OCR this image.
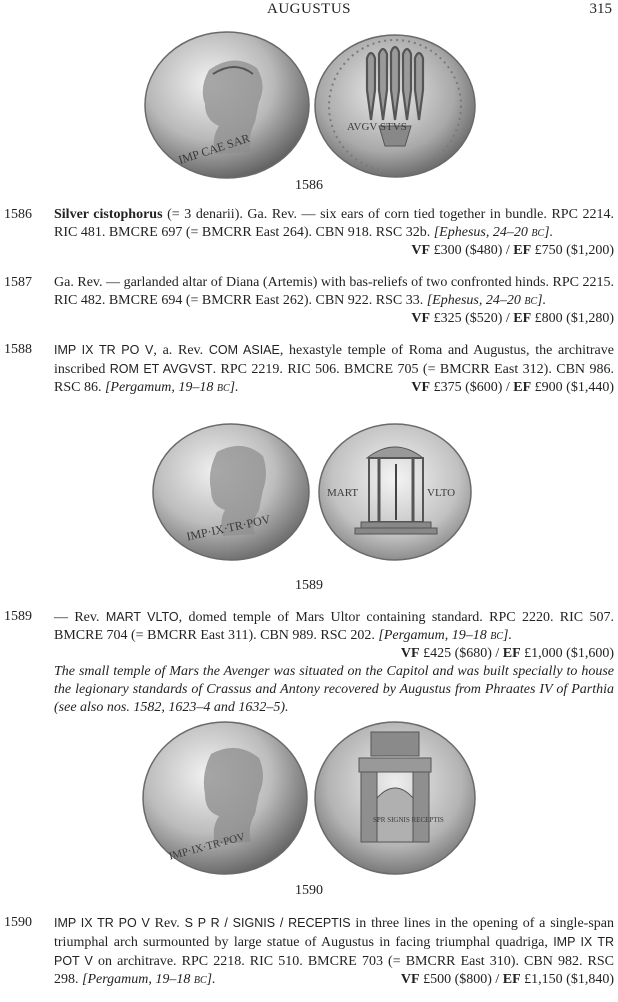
AUGUSTUS	315
IMP CAE SAR
AVGV STVS
1586
1586	Silver cistophorus (= 3 denarii). Ga. Rev. — six ears of corn tied together in bundle. RPC 2214. RIC 481. BMCRE 697 (= BMCRR East 264). CBN 918. RSC 32b. [Ephesus, 24–20 bc].
VF £300 ($480) / EF £750 ($1,200)
1587	Ga. Rev. — garlanded altar of Diana (Artemis) with bas-reliefs of two confronted hinds. RPC 2215. RIC 482. BMCRE 694 (= BMCRR East 262). CBN 922. RSC 33. [Ephesus, 24–20 bc].
VF £325 ($520) / EF £800 ($1,280)
1588	IMP IX TR PO V, a. Rev. COM ASIAE, hexastyle temple of Roma and Augustus, the architrave inscribed ROM ET AVGVST. RPC 2219. RIC 506. BMCRE 705 (= BMCRR East 312). CBN 986. RSC 86. [Pergamum, 19–18 bc].	VF £375 ($600) / EF £900 ($1,440)
IMP·IX·TR·POV
MART	VLTO
1589
1589	— Rev. MART VLTO, domed temple of Mars Ultor containing standard. RPC 2220. RIC 507. BMCRE 704 (= BMCRR East 311). CBN 989. RSC 202. [Pergamum, 19–18 bc].
VF £425 ($680) / EF £1,000 ($1,600)
The small temple of Mars the Avenger was situated on the Capitol and was built specially to house the legionary standards of Crassus and Antony recovered by Augustus from Phraates IV of Parthia (see also nos. 1582, 1623–4 and 1632–5).
IMP·IX·TR·POV
SPR SIGNIS RECEPTIS
1590
1590	IMP IX TR PO V Rev. S P R / SIGNIS / RECEPTIS in three lines in the opening of a single-span triumphal arch surmounted by large statue of Augustus in facing triumphal quadriga, IMP IX TR POT V on architrave. RPC 2218. RIC 510. BMCRE 703 (= BMCRR East 310). CBN 982. RSC 298. [Pergamum, 19–18 bc].	VF £500 ($800) / EF £1,150 ($1,840)
